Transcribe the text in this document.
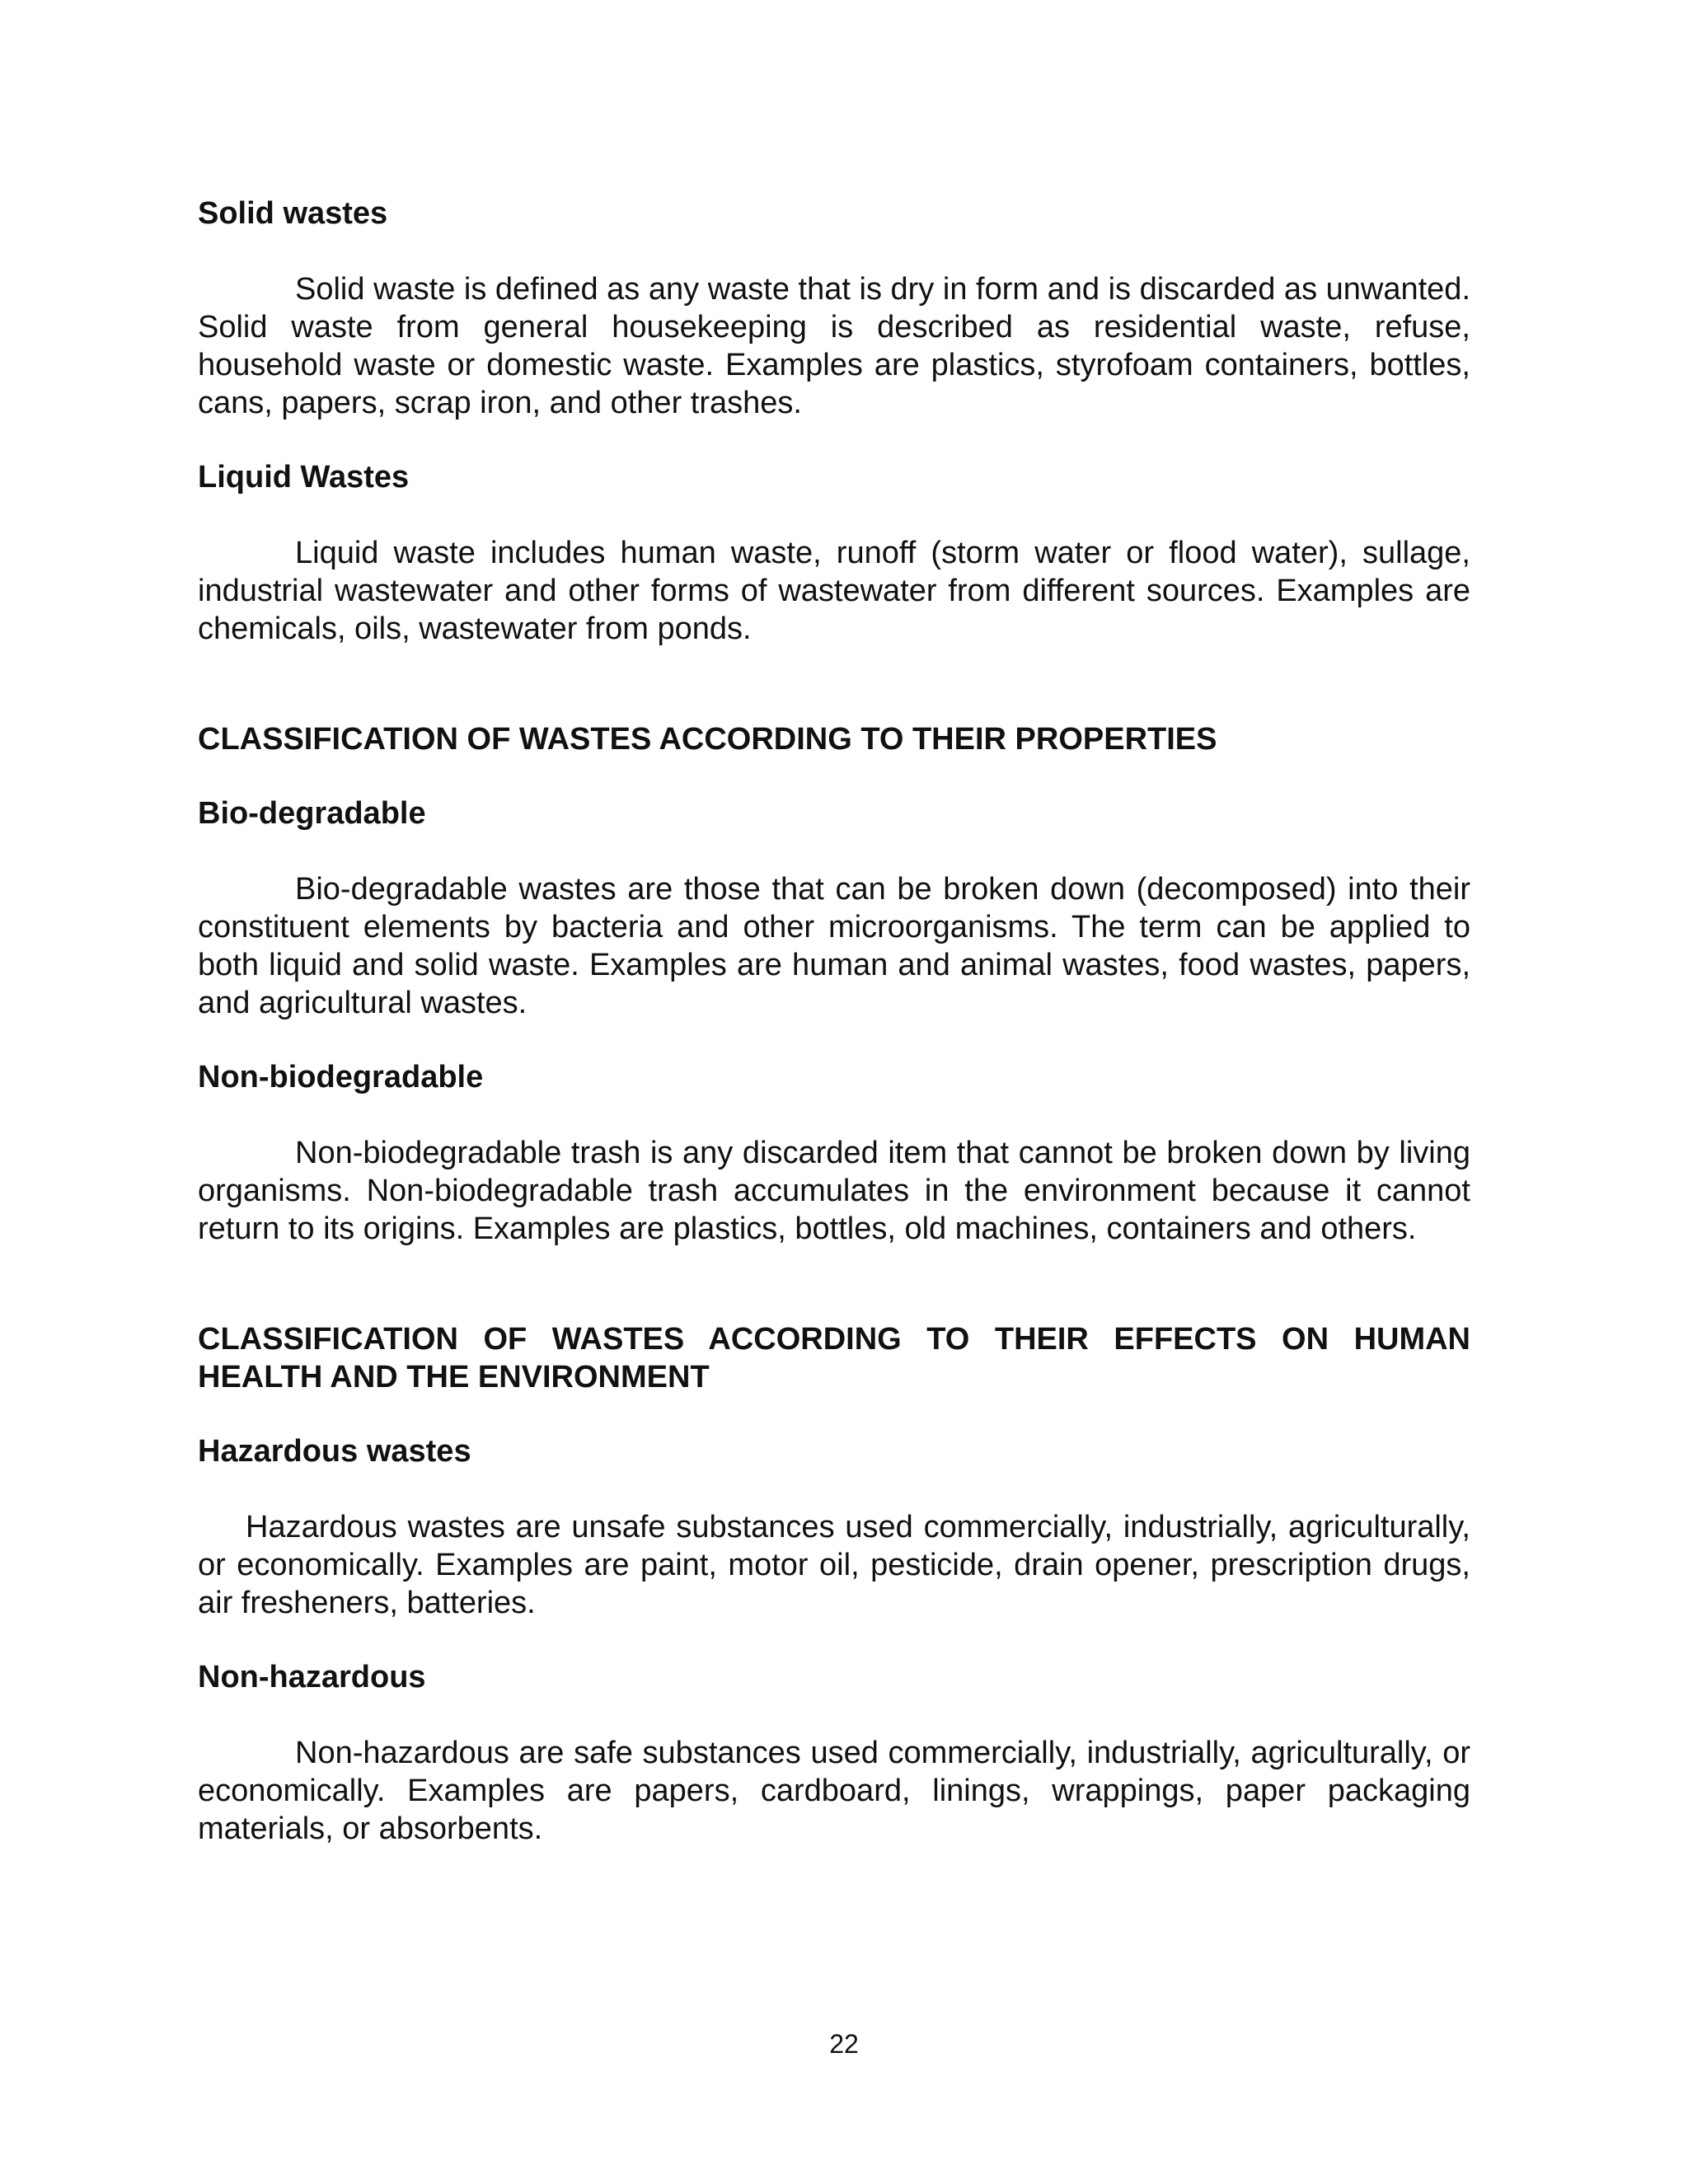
Solid wastes

Solid waste is defined as any waste that is dry in form and is discarded as unwanted. Solid waste from general housekeeping is described as residential waste, refuse, household waste or domestic waste. Examples are plastics, styrofoam containers, bottles, cans, papers, scrap iron, and other trashes.

Liquid Wastes

Liquid waste includes human waste, runoff (storm water or flood water), sullage, industrial wastewater and other forms of wastewater from different sources. Examples are chemicals, oils, wastewater from ponds.

CLASSIFICATION OF WASTES ACCORDING TO THEIR PROPERTIES

Bio-degradable

Bio-degradable wastes are those that can be broken down (decomposed) into their constituent elements by bacteria and other microorganisms. The term can be applied to both liquid and solid waste. Examples are human and animal wastes, food wastes, papers, and agricultural wastes.

Non-biodegradable

Non-biodegradable trash is any discarded item that cannot be broken down by living organisms. Non-biodegradable trash accumulates in the environment because it cannot return to its origins. Examples are plastics, bottles, old machines, containers and others.

CLASSIFICATION OF WASTES ACCORDING TO THEIR EFFECTS ON HUMAN HEALTH AND THE ENVIRONMENT

Hazardous wastes

Hazardous wastes are unsafe substances used commercially, industrially, agriculturally, or economically. Examples are paint, motor oil, pesticide, drain opener, prescription drugs, air fresheners, batteries.

Non-hazardous

Non-hazardous are safe substances used commercially, industrially, agriculturally, or economically. Examples are papers, cardboard, linings, wrappings, paper packaging materials, or absorbents.

22
